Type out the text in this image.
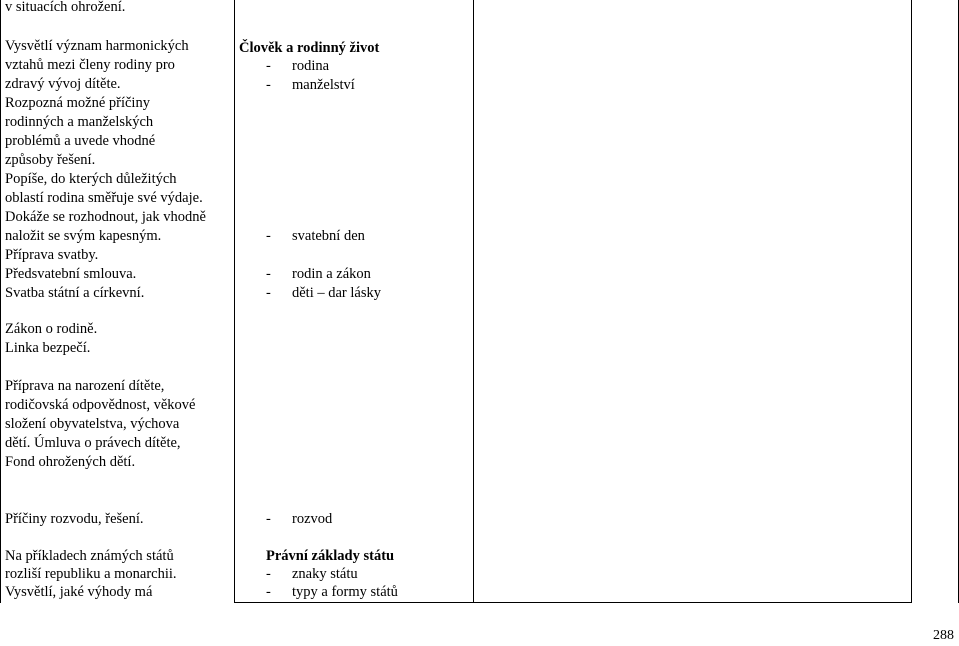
v situacích ohrožení.
Vysvětlí význam harmonických
vztahů mezi členy rodiny pro
zdravý vývoj dítěte.
Rozpozná možné příčiny
rodinných a manželských
problémů a uvede vhodné
způsoby řešení.
Popíše, do kterých důležitých
oblastí rodina směřuje své výdaje.
Dokáže se rozhodnout, jak vhodně
naložit se svým kapesným.
Příprava svatby.
Předsvatební smlouva.
Svatba státní a církevní.
Zákon o rodině.
Linka bezpečí.
Příprava na narození dítěte,
rodičovská odpovědnost, věkové
složení obyvatelstva, výchova
dětí. Úmluva o právech dítěte,
Fond ohrožených dětí.
Příčiny rozvodu, řešení.
Na příkladech známých států
rozliší republiku a monarchii.
Vysvětlí, jaké výhody má
Člověk a rodinný život
- rodina
- manželství
- svatební den
- rodin a zákon
- děti – dar lásky
- rozvod
Právní základy státu
- znaky státu
- typy a formy států
288
